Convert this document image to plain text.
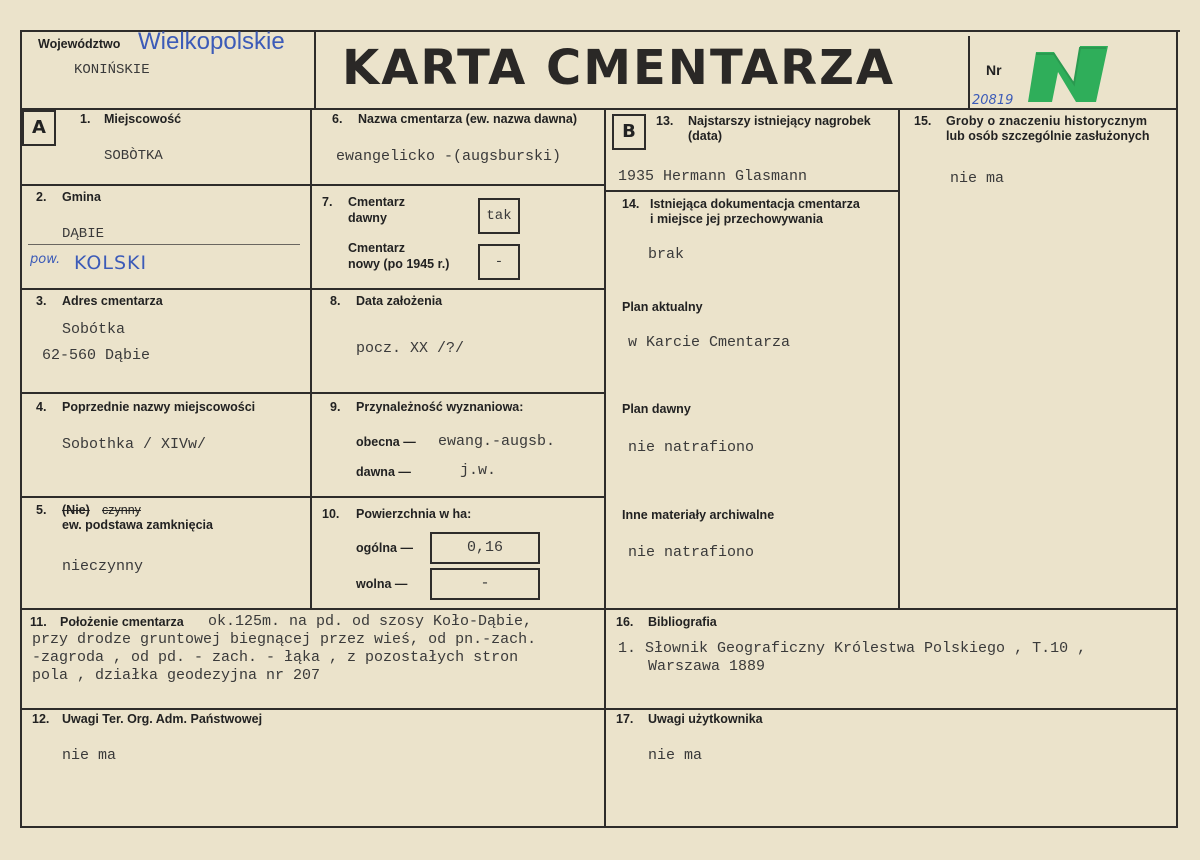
Województwo Wielkopolskie
KONIŃSKIE	KARTA CMENTARZA	Nr
20819
A	1. Miejscowość
SOBÒTKA
2. Gmina
DĄBIE
pow. KOLSKI
3. Adres cmentarza
Sobótka
62-560 Dąbie
4. Poprzednie nazwy miejscowości
Sobothka / XIVw/
5. (Nie) czynny
ew. podstawa zamknięcia
nieczynny
6. Nazwa cmentarza (ew. nazwa dawna)
ewangelicko -(augsburski)
7. Cmentarz
dawny	tak
Cmentarz
nowy (po 1945 r.)	-
8. Data założenia
pocz. XX /?/
9. Przynależność wyznaniowa:
obecna — ewang.-augsb.
dawna —	j.w.
10. Powierzchnia w ha:
ogólna —	0,16
wolna —	-
B	13. Najstarszy istniejący nagrobek
(data)
1935 Hermann Glasmann
14. Istniejąca dokumentacja cmentarza
i miejsce jej przechowywania
brak
Plan aktualny
w Karcie Cmentarza
Plan dawny
nie natrafiono
Inne materiały archiwalne
nie natrafiono
15. Groby o znaczeniu historycznym
lub osób szczególnie zasłużonych
nie ma
11. Położenie cmentarza ok.125m. na pd. od szosy Koło-Dąbie,
przy drodze gruntowej biegnącej przez wieś, od pn.-zach.
-zagroda , od pd. - zach. - łąka , z pozostałych stron
pola , działka geodezyjna nr 207
16. Bibliografia
1. Słownik Geograficzny Królestwa Polskiego , T.10 ,
Warszawa 1889
12. Uwagi Ter. Org. Adm. Państwowej
nie ma
17. Uwagi użytkownika
nie ma
